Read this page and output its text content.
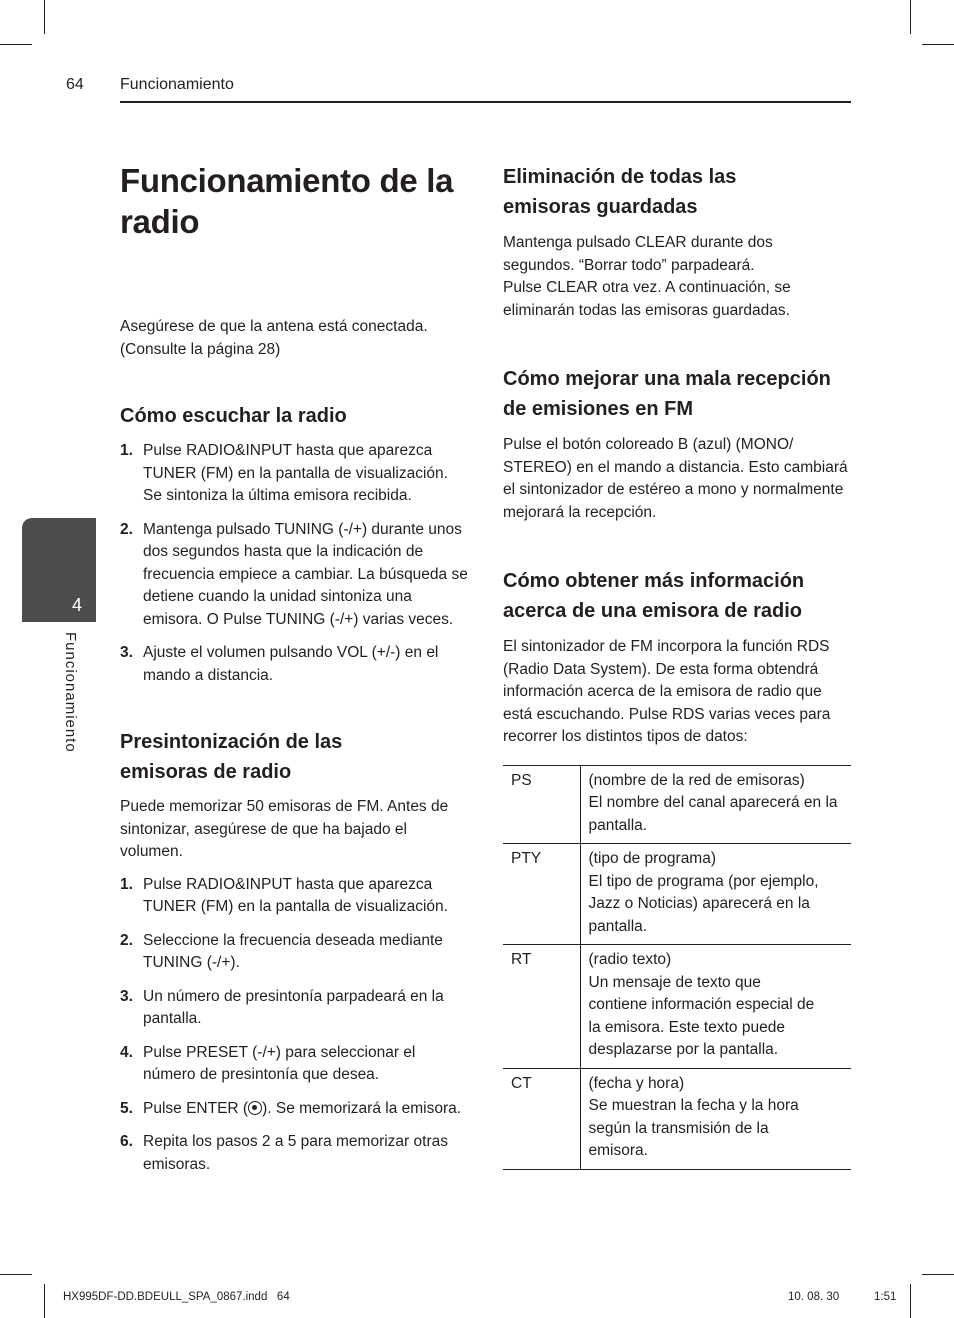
64 Funcionamiento
4
Funcionamiento
Funcionamiento de la radio

Asegúrese de que la antena está conectada.

(Consulte la página 28)

Cómo escuchar la radio
1. Pulse RADIO&INPUT hasta que aparezca TUNER (FM) en la pantalla de visualización. Se sintoniza la última emisora recibida.
2. Mantenga pulsado TUNING (-/+) durante unos dos segundos hasta que la indicación de frecuencia empiece a cambiar. La búsqueda se detiene cuando la unidad sintoniza una emisora. O Pulse TUNING (-/+) varias veces.
3. Ajuste el volumen pulsando VOL (+/-) en el mando a distancia.
Presintonización de las emisoras de radio

Puede memorizar 50 emisoras de FM. Antes de sintonizar, asegúrese de que ha bajado el volumen.

1. Pulse RADIO&INPUT hasta que aparezca TUNER (FM) en la pantalla de visualización.
2. Seleccione la frecuencia deseada mediante TUNING (-/+).
3. Un número de presintonía parpadeará en la pantalla.
4. Pulse PRESET (-/+) para seleccionar el número de presintonía que desea.
5. Pulse ENTER ( ). Se memorizará la emisora.
6. Repita los pasos 2 a 5 para memorizar otras emisoras.
Eliminación de todas las emisoras guardadas

Mantenga pulsado CLEAR durante dos segundos. “Borrar todo” parpadeará.

Pulse CLEAR otra vez. A continuación, se eliminarán todas las emisoras guardadas.

Cómo mejorar una mala recepción de emisiones en FM

Pulse el botón coloreado B (azul) (MONO/ STEREO) en el mando a distancia. Esto cambiará el sintonizador de estéreo a mono y normalmente mejorará la recepción.

Cómo obtener más información acerca de una emisora de radio

El sintonizador de FM incorpora la función RDS (Radio Data System). De esta forma obtendrá información acerca de la emisora de radio que está escuchando. Pulse RDS varias veces para recorrer los distintos tipos de datos:

PS	(nombre de la red de emisoras)
El nombre del canal aparecerá en la pantalla.

PTY	(tipo de programa)
El tipo de programa (por ejemplo, Jazz o Noticias) aparecerá en la pantalla.

RT	(radio texto)
Un mensaje de texto que contiene información especial de la emisora. Este texto puede desplazarse por la pantalla.

CT	(fecha y hora)
Se muestran la fecha y la hora según la transmisión de la emisora.
HX995DF-DD.BDEULL_SPA_0867.indd   64	10. 08. 30	1:51
